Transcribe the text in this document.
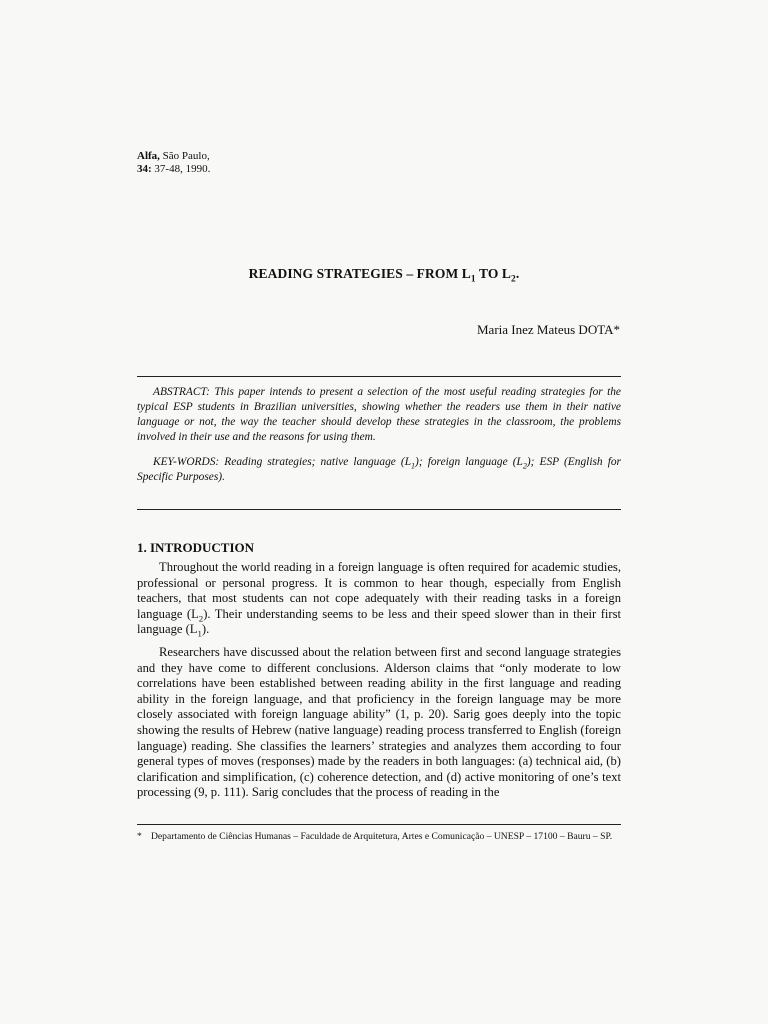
Alfa, São Paulo,
34: 37-48, 1990.
READING STRATEGIES – FROM $L_1$ TO $L_2$.
Maria Inez Mateus DOTA*

ABSTRACT: This paper intends to present a selection of the most useful reading strategies for the typical ESP students in Brazilian universities, showing whether the readers use them in their native language or not, the way the teacher should develop these strategies in the classroom, the problems involved in their use and the reasons for using them.

KEY-WORDS: Reading strategies; native language $(L_1)$; foreign language $(L_2)$; ESP (English for Specific Purposes).

1. INTRODUCTION

Throughout the world reading in a foreign language is often required for academic studies, professional or personal progress. It is common to hear though, especially from English teachers, that most students can not cope adequately with their reading tasks in a foreign language $(L_2)$. Their understanding seems to be less and their speed slower than in their first language $(L_1)$.

Researchers have discussed about the relation between first and second language strategies and they have come to different conclusions. Alderson claims that “only moderate to low correlations have been established between reading ability in the first language and reading ability in the foreign language, and that proficiency in the foreign language may be more closely associated with foreign language ability” (1, p. 20). Sarig goes deeply into the topic showing the results of Hebrew (native language) reading process transferred to English (foreign language) reading. She classifies the learners’ strategies and analyzes them according to four general types of moves (responses) made by the readers in both languages: (a) technical aid, (b) clarification and simplification, (c) coherence detection, and (d) active monitoring of one’s text processing (9, p. 111). Sarig concludes that the process of reading in the

* Departamento de Ciências Humanas – Faculdade de Arquitetura, Artes e Comunicação – UNESP – 17100 – Bauru – SP.
